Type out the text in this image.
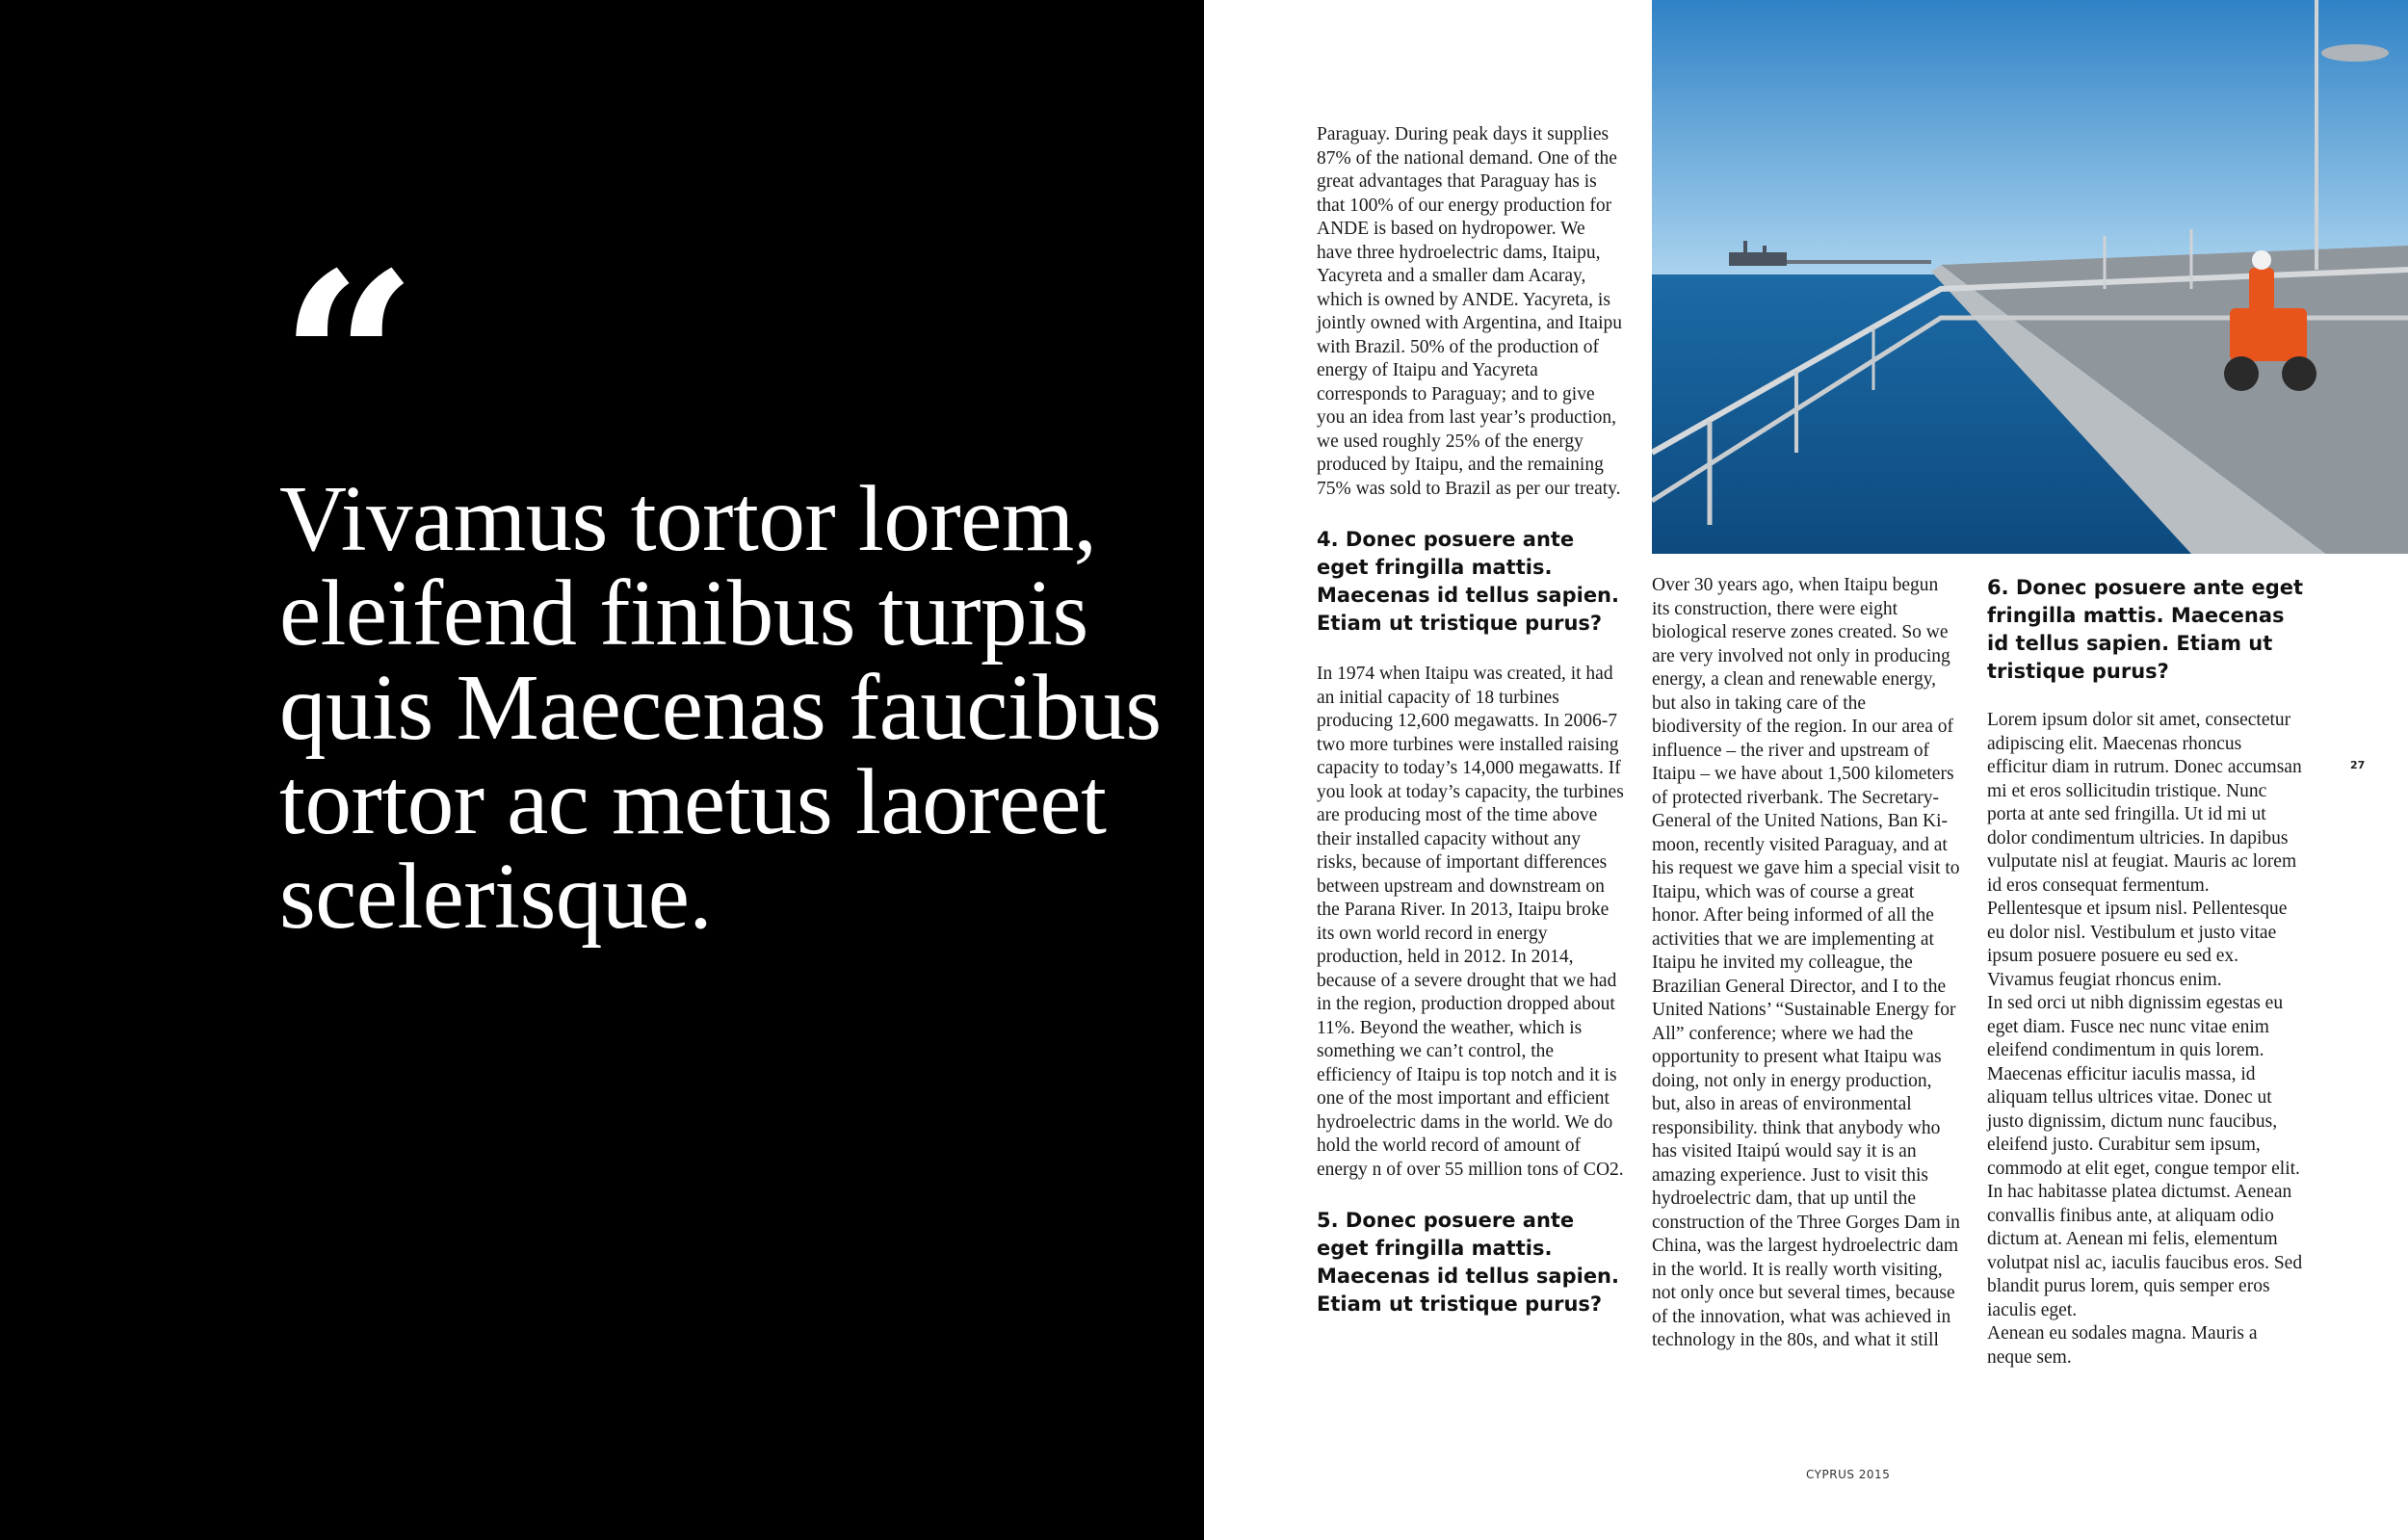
“

Vivamus tortor lorem, eleifend finibus turpis quis Maecenas faucibus tortor ac metus laoreet scelerisque.

Paraguay. During peak days it supplies 87% of the national demand. One of the great advantages that Paraguay has is that 100% of our energy production for ANDE is based on hydropower. We have three hydroelectric dams, Itaipu, Yacyreta and a smaller dam Acaray, which is owned by ANDE. Yacyreta, is jointly owned with Argentina, and Itaipu with Brazil. 50% of the production of energy of Itaipu and Yacyreta corresponds to Paraguay; and to give you an idea from last year’s production, we used roughly 25% of the energy produced by Itaipu, and the remaining 75% was sold to Brazil as per our treaty.

4. Donec posuere ante eget fringilla mattis. Maecenas id tellus sapien. Etiam ut tristique purus?

In 1974 when Itaipu was created, it had an initial capacity of 18 turbines producing 12,600 megawatts. In 2006-7 two more turbines were installed raising capacity to today’s 14,000 megawatts. If you look at today’s capacity, the turbines are producing most of the time above their installed capacity without any risks, because of important differences between upstream and downstream on the Parana River. In 2013, Itaipu broke its own world record in energy production, held in 2012. In 2014, because of a severe drought that we had in the region, production dropped about 11%. Beyond the weather, which is something we can’t control, the efficiency of Itaipu is top notch and it is one of the most important and efficient hydroelectric dams in the world. We do hold the world record of amount of energy n of over 55 million tons of CO2.

5. Donec posuere ante eget fringilla mattis. Maecenas id tellus sapien. Etiam ut tristique purus?

Over 30 years ago, when Itaipu begun its construction, there were eight biological reserve zones created. So we are very involved not only in producing energy, a clean and renewable energy, but also in taking care of the biodiversity of the region. In our area of influence – the river and upstream of Itaipu – we have about 1,500 kilometers of protected riverbank. The Secretary-General of the United Nations, Ban Ki-moon, recently visited Paraguay, and at his request we gave him a special visit to Itaipu, which was of course a great honor. After being informed of all the activities that we are implementing at Itaipu he invited my colleague, the Brazilian General Director, and I to the United Nations’ “Sustainable Energy for All” conference; where we had the opportunity to present what Itaipu was doing, not only in energy production, but, also in areas of environmental responsibility. think that anybody who has visited Itaipú would say it is an amazing experience. Just to visit this hydroelectric dam, that up until the construction of the Three Gorges Dam in China, was the largest hydroelectric dam in the world. It is really worth visiting, not only once but several times, because of the innovation, what was achieved in technology in the 80s, and what it still

6. Donec posuere ante eget fringilla mattis. Maecenas id tellus sapien. Etiam ut tristique purus?

Lorem ipsum dolor sit amet, consectetur adipiscing elit. Maecenas rhoncus efficitur diam in rutrum. Donec accumsan mi et eros sollicitudin tristique. Nunc porta at ante sed fringilla. Ut id mi ut dolor condimentum ultricies. In dapibus vulputate nisl at feugiat. Mauris ac lorem id eros consequat fermentum. Pellentesque et ipsum nisl. Pellentesque eu dolor nisl. Vestibulum et justo vitae ipsum posuere posuere eu sed ex. Vivamus feugiat rhoncus enim.

In sed orci ut nibh dignissim egestas eu eget diam. Fusce nec nunc vitae enim eleifend condimentum in quis lorem. Maecenas efficitur iaculis massa, id aliquam tellus ultrices vitae. Donec ut justo dignissim, dictum nunc faucibus, eleifend justo. Curabitur sem ipsum, commodo at elit eget, congue tempor elit. In hac habitasse platea dictumst. Aenean convallis finibus ante, at aliquam odio dictum at. Aenean mi felis, elementum volutpat nisl ac, iaculis faucibus eros. Sed blandit purus lorem, quis semper eros iaculis eget.

Aenean eu sodales magna. Mauris a neque sem.

27
CYPRUS 2015
